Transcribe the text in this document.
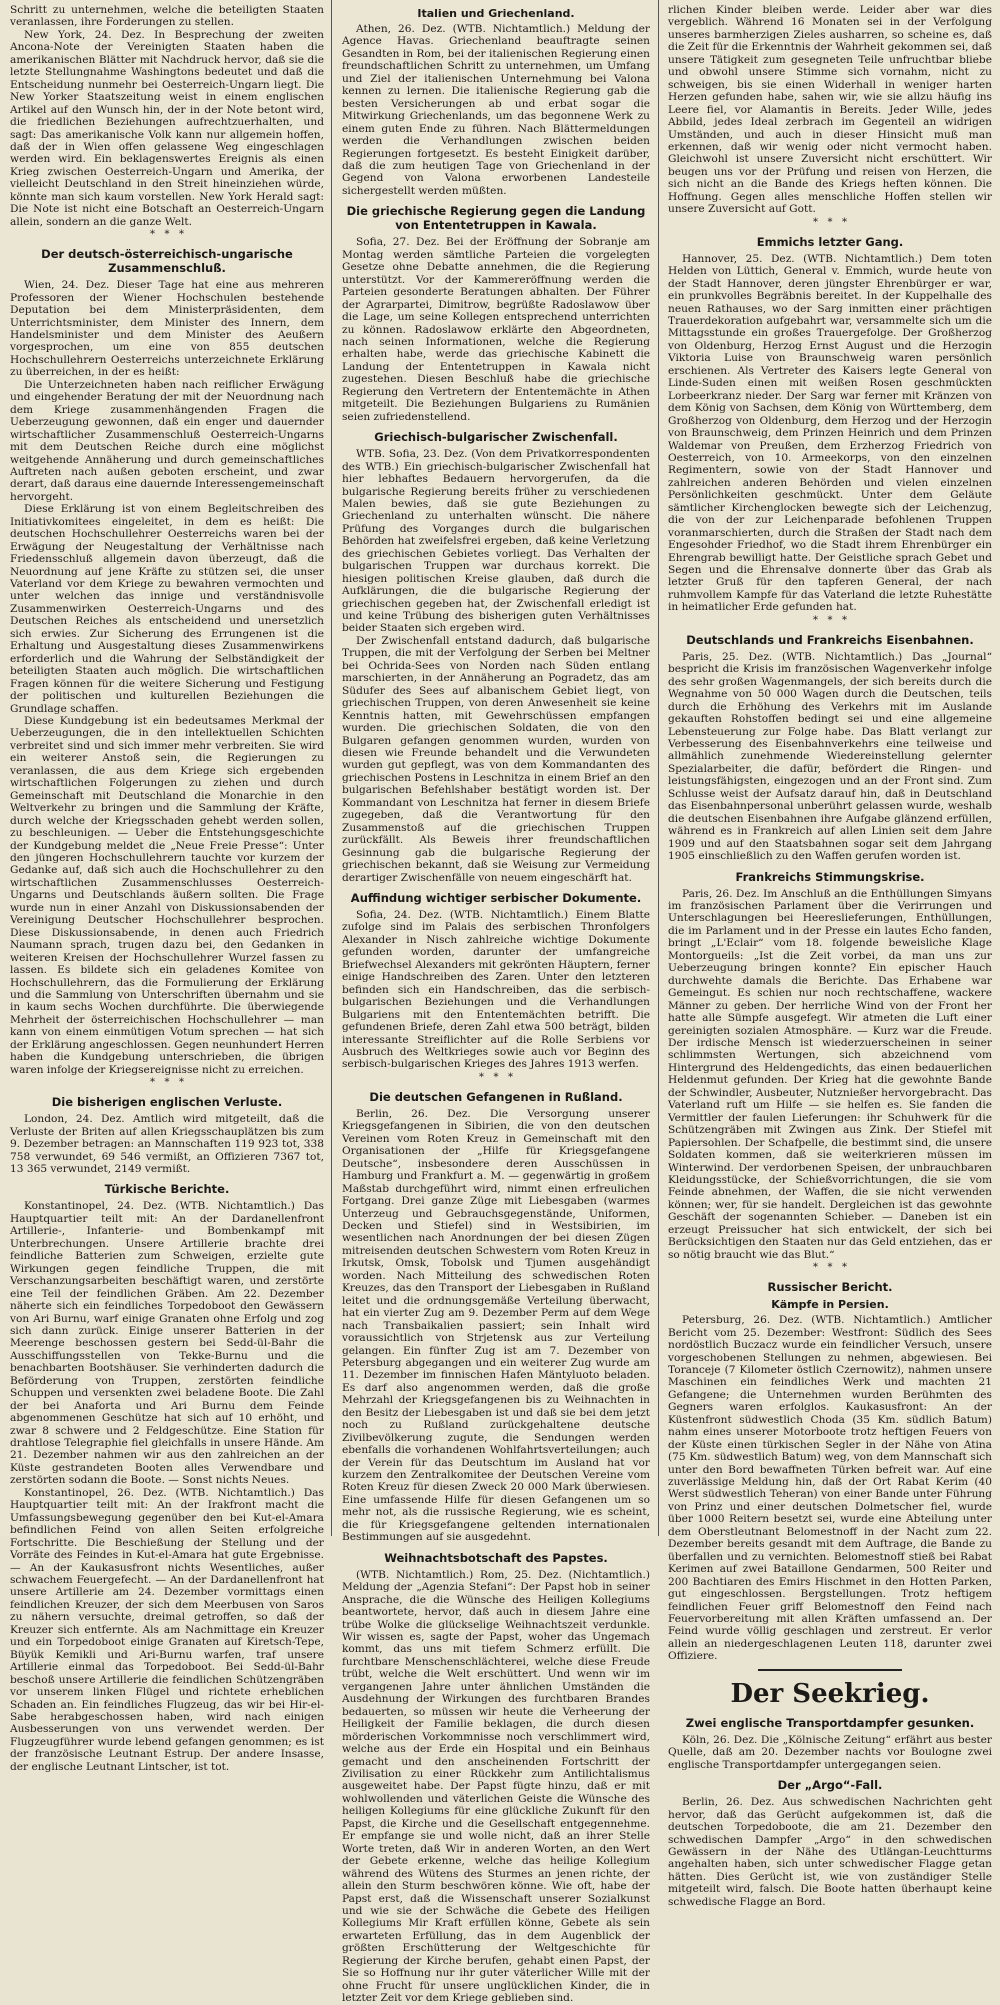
Schritt zu unternehmen, welche die beteiligten Staaten veranlassen, ihre Forderungen zu stellen.

New York, 24. Dez. In Besprechung der zweiten Ancona-Note der Vereinigten Staaten haben die amerikanischen Blätter mit Nachdruck hervor, daß sie die letzte Stellungnahme Washingtons bedeutet und daß die Entscheidung nunmehr bei Oesterreich-Ungarn liegt. Die New Yorker Staatszeitung weist in einem englischen Artikel auf den Wunsch hin, der in der Note betont wird, die friedlichen Beziehungen aufrechtzuerhalten, und sagt: Das amerikanische Volk kann nur allgemein hoffen, daß der in Wien offen gelassene Weg eingeschlagen werden wird. Ein beklagenswertes Ereignis als einen Krieg zwischen Oesterreich-Ungarn und Amerika, der vielleicht Deutschland in den Streit hineinziehen würde, könnte man sich kaum vorstellen. New York Herald sagt: Die Note ist nicht eine Botschaft an Oesterreich-Ungarn allein, sondern an die ganze Welt.

*   *   *
Der deutsch-österreichisch-ungarische Zusammenschluß.

Wien, 24. Dez. Dieser Tage hat eine aus mehreren Professoren der Wiener Hochschulen bestehende Deputation bei dem Ministerpräsidenten, dem Unterrichtsminister, dem Minister des Innern, dem Handelsminister und dem Minister des Aeußern vorgesprochen, um eine von 855 deutschen Hochschullehrern Oesterreichs unterzeichnete Erklärung zu überreichen, in der es heißt:

Die Unterzeichneten haben nach reiflicher Erwägung und eingehender Beratung der mit der Neuordnung nach dem Kriege zusammenhängenden Fragen die Ueberzeugung gewonnen, daß ein enger und dauernder wirtschaftlicher Zusammenschluß Oesterreich-Ungarns mit dem Deutschen Reiche durch eine möglichst weitgehende Annäherung und durch gemeinschaftliches Auftreten nach außen geboten erscheint, und zwar derart, daß daraus eine dauernde Interessengemeinschaft hervorgeht.

Diese Erklärung ist von einem Begleitschreiben des Initiativkomitees eingeleitet, in dem es heißt: Die deutschen Hochschullehrer Oesterreichs waren bei der Erwägung der Neugestaltung der Verhältnisse nach Friedensschluß allgemein davon überzeugt, daß die Neuordnung auf jene Kräfte zu stützen sei, die unser Vaterland vor dem Kriege zu bewahren vermochten und unter welchen das innige und verständnisvolle Zusammenwirken Oesterreich-Ungarns und des Deutschen Reiches als entscheidend und unersetzlich sich erwies. Zur Sicherung des Errungenen ist die Erhaltung und Ausgestaltung dieses Zusammenwirkens erforderlich und die Wahrung der Selbständigkeit der beteiligten Staaten auch möglich. Die wirtschaftlichen Fragen können für die weitere Sicherung und Festigung der politischen und kulturellen Beziehungen die Grundlage schaffen.

Diese Kundgebung ist ein bedeutsames Merkmal der Ueberzeugungen, die in den intellektuellen Schichten verbreitet sind und sich immer mehr verbreiten. Sie wird ein weiterer Anstoß sein, die Regierungen zu veranlassen, die aus dem Kriege sich ergebenden wirtschaftlichen Folgerungen zu ziehen und durch Gemeinschaft mit Deutschland die Monarchie in den Weltverkehr zu bringen und die Sammlung der Kräfte, durch welche der Kriegsschaden gehebt werden sollen, zu beschleunigen. — Ueber die Entstehungsgeschichte der Kundgebung meldet die „Neue Freie Presse“: Unter den jüngeren Hochschullehrern tauchte vor kurzem der Gedanke auf, daß sich auch die Hochschullehrer zu den wirtschaftlichen Zusammenschlusses Oesterreich-Ungarns und Deutschlands äußern sollten. Die Frage wurde nun in einer Anzahl von Diskussionsabenden der Vereinigung Deutscher Hochschullehrer besprochen. Diese Diskussionsabende, in denen auch Friedrich Naumann sprach, trugen dazu bei, den Gedanken in weiteren Kreisen der Hochschullehrer Wurzel fassen zu lassen. Es bildete sich ein geladenes Komitee von Hochschullehrern, das die Formulierung der Erklärung und die Sammlung von Unterschriften übernahm und sie in kaum sechs Wochen durchführte. Die überwiegende Mehrheit der österreichischen Hochschullehrer — man kann von einem einmütigen Votum sprechen — hat sich der Erklärung angeschlossen. Gegen neunhundert Herren haben die Kundgebung unterschrieben, die übrigen waren infolge der Kriegsereignisse nicht zu erreichen.

*   *   *
Die bisherigen englischen Verluste.

London, 24. Dez. Amtlich wird mitgeteilt, daß die Verluste der Briten auf allen Kriegsschauplätzen bis zum 9. Dezember betragen: an Mannschaften 119 923 tot, 338 758 verwundet, 69 546 vermißt, an Offizieren 7367 tot, 13 365 verwundet, 2149 vermißt.

Türkische Berichte.

Konstantinopel, 24. Dez. (WTB. Nichtamtlich.) Das Hauptquartier teilt mit: An der Dardanellenfront Artillerie-, Infanterie- und Bombenkampf mit Unterbrechungen. Unsere Artillerie brachte drei feindliche Batterien zum Schweigen, erzielte gute Wirkungen gegen feindliche Truppen, die mit Verschanzungsarbeiten beschäftigt waren, und zerstörte eine Teil der feindlichen Gräben. Am 22. Dezember näherte sich ein feindliches Torpedoboot den Gewässern von Ari Burnu, warf einige Granaten ohne Erfolg und zog sich dann zurück. Einige unserer Batterien in der Meerenge beschossen gestern bei Sedd-ül-Bahr die Ausschiffungsstellen von Tekke-Burnu und die benachbarten Bootshäuser. Sie verhinderten dadurch die Beförderung von Truppen, zerstörten feindliche Schuppen und versenkten zwei beladene Boote. Die Zahl der bei Anaforta und Ari Burnu dem Feinde abgenommenen Geschütze hat sich auf 10 erhöht, und zwar 8 schwere und 2 Feldgeschütze. Eine Station für drahtlose Telegraphie fiel gleichfalls in unsere Hände. Am 21. Dezember nahmen wir aus den zahlreichen an der Küste gestrandeten Booten alles Verwendbare und zerstörten sodann die Boote. — Sonst nichts Neues.

Konstantinopel, 26. Dez. (WTB. Nichtamtlich.) Das Hauptquartier teilt mit: An der Irakfront macht die Umfassungsbewegung gegenüber den bei Kut-el-Amara befindlichen Feind von allen Seiten erfolgreiche Fortschritte. Die Beschießung der Stellung und der Vorräte des Feindes in Kut-el-Amara hat gute Ergebnisse. — An der Kaukasusfront nichts Wesentliches, außer schwachem Feuergefecht. — An der Dardanellenfront hat unsere Artillerie am 24. Dezember vormittags einen feindlichen Kreuzer, der sich dem Meerbusen von Saros zu nähern versuchte, dreimal getroffen, so daß der Kreuzer sich entfernte. Als am Nachmittage ein Kreuzer und ein Torpedoboot einige Granaten auf Kiretsch-Tepe, Büyük Kemikli und Ari-Burnu warfen, traf unsere Artillerie einmal das Torpedoboot. Bei Sedd-ül-Bahr beschoß unsere Artillerie die feindlichen Schützengräben vor unserem linken Flügel und richtete erheblichen Schaden an. Ein feindliches Flugzeug, das wir bei Hir-el-Sabe herabgeschossen haben, wird nach einigen Ausbesserungen von uns verwendet werden. Der Flugzeugführer wurde lebend gefangen genommen; es ist der französische Leutnant Estrup. Der andere Insasse, der englische Leutnant Lintscher, ist tot.

Italien und Griechenland.

Athen, 26. Dez. (WTB. Nichtamtlich.) Meldung der Agence Havas. Griechenland beauftragte seinen Gesandten in Rom, bei der italienischen Regierung einen freundschaftlichen Schritt zu unternehmen, um Umfang und Ziel der italienischen Unternehmung bei Valona kennen zu lernen. Die italienische Regierung gab die besten Versicherungen ab und erbat sogar die Mitwirkung Griechenlands, um das begonnene Werk zu einem guten Ende zu führen. Nach Blättermeldungen werden die Verhandlungen zwischen beiden Regierungen fortgesetzt. Es besteht Einigkeit darüber, daß die zum heutigen Tage von Griechenland in der Gegend von Valona erworbenen Landesteile sichergestellt werden müßten.

Die griechische Regierung gegen die Landung von Ententetruppen in Kawala.

Sofia, 27. Dez. Bei der Eröffnung der Sobranje am Montag werden sämtliche Parteien die vorgelegten Gesetze ohne Debatte annehmen, die die Regierung unterstützt. Vor der Kammereröffnung werden die Parteien gesonderte Beratungen abhalten. Der Führer der Agrarpartei, Dimitrow, begrüßte Radoslawow über die Lage, um seine Kollegen entsprechend unterrichten zu können. Radoslawow erklärte den Abgeordneten, nach seinen Informationen, welche die Regierung erhalten habe, werde das griechische Kabinett die Landung der Ententetruppen in Kawala nicht zugestehen. Diesen Beschluß habe die griechische Regierung den Vertretern der Ententemächte in Athen mitgeteilt. Die Beziehungen Bulgariens zu Rumänien seien zufriedenstellend.

Griechisch-bulgarischer Zwischenfall.

WTB. Sofia, 23. Dez. (Von dem Privatkorrespondenten des WTB.) Ein griechisch-bulgarischer Zwischenfall hat hier lebhaftes Bedauern hervorgerufen, da die bulgarische Regierung bereits früher zu verschiedenen Malen bewies, daß sie gute Beziehungen zu Griechenland zu unterhalten wünscht. Die nähere Prüfung des Vorganges durch die bulgarischen Behörden hat zweifelsfrei ergeben, daß keine Verletzung des griechischen Gebietes vorliegt. Das Verhalten der bulgarischen Truppen war durchaus korrekt. Die hiesigen politischen Kreise glauben, daß durch die Aufklärungen, die die bulgarische Regierung der griechischen gegeben hat, der Zwischenfall erledigt ist und keine Trübung des bisherigen guten Verhältnisses beider Staaten sich ergeben wird.

Der Zwischenfall entstand dadurch, daß bulgarische Truppen, die mit der Verfolgung der Serben bei Meltner bei Ochrida-Sees von Norden nach Süden entlang marschierten, in der Annäherung an Pogradetz, das am Südufer des Sees auf albanischem Gebiet liegt, von griechischen Truppen, von deren Anwesenheit sie keine Kenntnis hatten, mit Gewehrschüssen empfangen wurden. Die griechischen Soldaten, die von den Bulgaren gefangen genommen wurden, wurden von diesen wie Freunde behandelt und die Verwundeten wurden gut gepflegt, was von dem Kommandanten des griechischen Postens in Leschnitza in einem Brief an den bulgarischen Befehlshaber bestätigt worden ist. Der Kommandant von Leschnitza hat ferner in diesem Briefe zugegeben, daß die Verantwortung für den Zusammenstoß auf die griechischen Truppen zurückfällt. Als Beweis ihrer freundschaftlichen Gesinnung gab die bulgarische Regierung der griechischen bekannt, daß sie Weisung zur Vermeidung derartiger Zwischenfälle von neuem eingeschärft hat.

Auffindung wichtiger serbischer Dokumente.

Sofia, 24. Dez. (WTB. Nichtamtlich.) Einem Blatte zufolge sind im Palais des serbischen Thronfolgers Alexander in Nisch zahlreiche wichtige Dokumente gefunden worden, darunter der umfangreiche Briefwechsel Alexanders mit gekrönten Häuptern, ferner einige Handschreiben des Zaren. Unter den letzteren befinden sich ein Handschreiben, das die serbisch-bulgarischen Beziehungen und die Verhandlungen Bulgariens mit den Ententemächten betrifft. Die gefundenen Briefe, deren Zahl etwa 500 beträgt, bilden interessante Streiflichter auf die Rolle Serbiens vor Ausbruch des Weltkrieges sowie auch vor Beginn des serbisch-bulgarischen Krieges des Jahres 1913 werfen.

*   *   *
Die deutschen Gefangenen in Rußland.

Berlin, 26. Dez. Die Versorgung unserer Kriegsgefangenen in Sibirien, die von den deutschen Vereinen vom Roten Kreuz in Gemeinschaft mit den Organisationen der „Hilfe für Kriegsgefangene Deutsche“, insbesondere deren Ausschüssen in Hamburg und Frankfurt a. M. — gegenwärtig in großem Maßstab durchgeführt wird, nimmt einen erfreulichen Fortgang. Drei ganze Züge mit Liebesgaben (warmes Unterzeug und Gebrauchsgegenstände, Uniformen, Decken und Stiefel) sind in Westsibirien, im wesentlichen nach Anordnungen der bei diesen Zügen mitreisenden deutschen Schwestern vom Roten Kreuz in Irkutsk, Omsk, Tobolsk und Tjumen ausgehändigt worden. Nach Mitteilung des schwedischen Roten Kreuzes, das den Transport der Liebesgaben in Rußland leitet und die ordnungsgemäße Verteilung überwacht, hat ein vierter Zug am 9. Dezember Perm auf dem Wege nach Transbaikalien passiert; sein Inhalt wird voraussichtlich von Strjetensk aus zur Verteilung gelangen. Ein fünfter Zug ist am 7. Dezember von Petersburg abgegangen und ein weiterer Zug wurde am 11. Dezember im finnischen Hafen Mäntyluoto beladen. Es darf also angenommen werden, daß die große Mehrzahl der Kriegsgefangenen bis zu Weihnachten in den Besitz der Liebesgaben ist und daß sie bei dem jetzt noch zu Rußland zurückgehaltene deutsche Zivilbevölkerung zugute, die Sendungen werden ebenfalls die vorhandenen Wohlfahrtsverteilungen; auch der Verein für das Deutschtum im Ausland hat vor kurzem den Zentralkomitee der Deutschen Vereine vom Roten Kreuz für diesen Zweck 20 000 Mark überwiesen. Eine umfassende Hilfe für diesen Gefangenen um so mehr not, als die russische Regierung, wie es scheint, die für Kriegsgefangene geltenden internationalen Bestimmungen auf sie ausgedehnt.

Weihnachtsbotschaft des Papstes.

(WTB. Nichtamtlich.) Rom, 25. Dez. (Nichtamtlich.) Meldung der „Agenzia Stefani“: Der Papst hob in seiner Ansprache, die die Wünsche des Heiligen Kollegiums beantwortete, hervor, daß auch in diesem Jahre eine trübe Wolke die glückselige Weihnachtszeit verdunkle. Wir wissen es, sagte der Papst, woher das Ungemach kommt, das uns mit tiefem Schmerz erfüllt. Die furchtbare Menschenschlächterei, welche diese Freude trübt, welche die Welt erschüttert. Und wenn wir im vergangenen Jahre unter ähnlichen Umständen die Ausdehnung der Wirkungen des furchtbaren Brandes bedauerten, so müssen wir heute die Verheerung der Heiligkeit der Familie beklagen, die durch diesen mörderischen Vorkommnisse noch verschlimmert wird, welche aus der Erde ein Hospital und ein Beinhaus gemacht und den anscheinenden Fortschritt der Zivilisation zu einer Rückkehr zum Antilichtalismus ausgeweitet habe. Der Papst fügte hinzu, daß er mit wohlwollenden und väterlichen Geiste die Wünsche des heiligen Kollegiums für eine glückliche Zukunft für den Papst, die Kirche und die Gesellschaft entgegennehme. Er empfange sie und wolle nicht, daß an ihrer Stelle Worte treten, daß Wir in anderen Worten, an den Wert der Gebete erkenne, welche das heilige Kollegium während des Wütens des Sturmes an jenen richte, der allein den Sturm beschwören könne. Wie oft, habe der Papst erst, daß die Wissenschaft unserer Sozialkunst und wie sie der Schwäche die Gebete des Heiligen Kollegiums Mir Kraft erfüllen könne, Gebete als sein erwarteten Erfüllung, das in dem Augenblick der größten Erschütterung der Weltgeschichte für Regierung der Kirche berufen, gehabt einen Papst, der Sie so Hoffnung nur ihr guter väterlicher Wille mit der ohne Frucht für unsere unglücklichen Kinder, die in letzter Zeit vor dem Kriege geblieben sind.

rlichen Kinder bleiben werde. Leider aber war dies vergeblich. Während 16 Monaten sei in der Verfolgung unseres barmherzigen Zieles ausharren, so scheine es, daß die Zeit für die Erkenntnis der Wahrheit gekommen sei, daß unsere Tätigkeit zum gesegneten Teile unfruchtbar bliebe und obwohl unsere Stimme sich vornahm, nicht zu schweigen, bis sie einen Widerhall in weniger harten Herzen gefunden habe, sahen wir, wie sie allzu häufig ins Leere fiel, vor Alamantis in Bereits. Jeder Wille, jedes Abbild, jedes Ideal zerbrach im Gegenteil an widrigen Umständen, und auch in dieser Hinsicht muß man erkennen, daß wir wenig oder nicht vermocht haben. Gleichwohl ist unsere Zuversicht nicht erschüttert. Wir beugen uns vor der Prüfung und reisen von Herzen, die sich nicht an die Bande des Kriegs heften können. Die Hoffnung. Gegen alles menschliche Hoffen stellen wir unsere Zuversicht auf Gott.

*   *   *
Emmichs letzter Gang.

Hannover, 25. Dez. (WTB. Nichtamtlich.) Dem toten Helden von Lüttich, General v. Emmich, wurde heute von der Stadt Hannover, deren jüngster Ehrenbürger er war, ein prunkvolles Begräbnis bereitet. In der Kuppelhalle des neuen Rathauses, wo der Sarg inmitten einer prächtigen Trauerdekoration aufgebahrt war, versammelte sich um die Mittagsstunde ein großes Trauergefolge. Der Großherzog von Oldenburg, Herzog Ernst August und die Herzogin Viktoria Luise von Braunschweig waren persönlich erschienen. Als Vertreter des Kaisers legte General von Linde-Suden einen mit weißen Rosen geschmückten Lorbeerkranz nieder. Der Sarg war ferner mit Kränzen von dem König von Sachsen, dem König von Württemberg, dem Großherzog von Oldenburg, dem Herzog und der Herzogin von Braunschweig, dem Prinzen Heinrich und dem Prinzen Waldemar von Preußen, dem Erzherzog Friedrich von Oesterreich, von 10. Armeekorps, von den einzelnen Regimentern, sowie von der Stadt Hannover und zahlreichen anderen Behörden und vielen einzelnen Persönlichkeiten geschmückt. Unter dem Geläute sämtlicher Kirchenglocken bewegte sich der Leichenzug, die von der zur Leichenparade befohlenen Truppen voranmarschierten, durch die Straßen der Stadt nach dem Engesohder Friedhof, wo die Stadt ihrem Ehrenbürger ein Ehrengrab bewilligt hatte. Der Geistliche sprach Gebet und Segen und die Ehrensalve donnerte über das Grab als letzter Gruß für den tapferen General, der nach ruhmvollem Kampfe für das Vaterland die letzte Ruhestätte in heimatlicher Erde gefunden hat.

*   *   *
Deutschlands und Frankreichs Eisenbahnen.

Paris, 25. Dez. (WTB. Nichtamtlich.) Das „Journal“ bespricht die Krisis im französischen Wagenverkehr infolge des sehr großen Wagenmangels, der sich bereits durch die Wegnahme von 50 000 Wagen durch die Deutschen, teils durch die Erhöhung des Verkehrs mit im Auslande gekauften Rohstoffen bedingt sei und eine allgemeine Lebensteuerung zur Folge habe. Das Blatt verlangt zur Verbesserung des Eisenbahnverkehrs eine teilweise und allmählich zunehmende Wiedereinstellung gelernter Spezialarbeiter, die dafür, befördert die Ringen- und leistungsfähigsten, eingezogen und an der Front sind. Zum Schlusse weist der Aufsatz darauf hin, daß in Deutschland das Eisenbahnpersonal unberührt gelassen wurde, weshalb die deutschen Eisenbahnen ihre Aufgabe glänzend erfüllen, während es in Frankreich auf allen Linien seit dem Jahre 1909 und auf den Staatsbahnen sogar seit dem Jahrgang 1905 einschließlich zu den Waffen gerufen worden ist.

Frankreichs Stimmungskrise.

Paris, 26. Dez. Im Anschluß an die Enthüllungen Simyans im französischen Parlament über die Verirrungen und Unterschlagungen bei Heereslieferungen, Enthüllungen, die im Parlament und in der Presse ein lautes Echo fanden, bringt „L'Eclair“ vom 18. folgende beweisliche Klage Montorgueils: „Ist die Zeit vorbei, da man uns zur Ueberzeugung bringen konnte? Ein epischer Hauch durchwehte damals die Berichte. Das Erhabene war Gemeingut. Es schien nur noch rechtschaffene, wackere Männer zu geben. Der herrliche Wind von der Front her hatte alle Sümpfe ausgefegt. Wir atmeten die Luft einer gereinigten sozialen Atmosphäre. — Kurz war die Freude. Der irdische Mensch ist wiederzuerscheinen in seiner schlimmsten Wertungen, sich abzeichnend vom Hintergrund des Heldengedichts, das einen bedauerlichen Heldenmut gefunden. Der Krieg hat die gewohnte Bande der Schwindler, Ausbeuter, Nutznießer hervorgebracht. Das Vaterland ruft um Hilfe — sie helfen es. Sie fanden die Vermittler der faulen Lieferungen: ihr Schuhwerk für die Schützengräben mit Zwingen aus Zink. Der Stiefel mit Papiersohlen. Der Schafpelle, die bestimmt sind, die unsere Soldaten kommen, daß sie weiterkrieren müssen im Winterwind. Der verdorbenen Speisen, der unbrauchbaren Kleidungsstücke, der Schießvorrichtungen, die sie vom Feinde abnehmen, der Waffen, die sie nicht verwenden können; wer, für sie handelt. Dergleichen ist das gewohnte Geschäft der sogenannten Schieber. — Daneben ist ein erzeugt Preissucher hat sich entwickelt, der sich bei Berücksichtigen den Staaten nur das Geld entziehen, das er so nötig braucht wie das Blut.“

*   *   *
Russischer Bericht.
Kämpfe in Persien.

Petersburg, 26. Dez. (WTB. Nichtamtlich.) Amtlicher Bericht vom 25. Dezember: Westfront: Südlich des Sees nordöstlich Buczacz wurde ein feindlicher Versuch, unsere vorgeschobenen Stellungen zu nehmen, abgewiesen. Bei Toranceje (7 Kilometer östlich Czernowitz), nahmen unsere Maschinen ein feindliches Werk und machten 21 Gefangene; die Unternehmen wurden Berühmten des Gegners waren erfolglos. Kaukasusfront: An der Küstenfront südwestlich Choda (35 Km. südlich Batum) nahm eines unserer Motorboote trotz heftigen Feuers von der Küste einen türkischen Segler in der Nähe von Atina (75 Km. südwestlich Batum) weg, von dem Mannschaft sich unter den Bord bewaffneten Türken befreit war. Auf eine zuverlässige Meldung hin, daß der Ort Rabat Kerim (40 Werst südwestlich Teheran) von einer Bande unter Führung von Prinz und einer deutschen Dolmetscher fiel, wurde über 1000 Reitern besetzt sei, wurde eine Abteilung unter dem Oberstleutnant Belomestnoff in der Nacht zum 22. Dezember bereits gesandt mit dem Auftrage, die Bande zu überfallen und zu vernichten. Belomestnoff stieß bei Rabat Kerimen auf zwei Bataillone Gendarmen, 500 Reiter und 200 Bachtiaren des Emirs Hischmet in den Hotten Parken, gut eingeschlossen. Bergstellungen. Trotz heftigem feindlichen Feuer griff Belomestnoff den Feind nach Feuervorbereitung mit allen Kräften umfassend an. Der Feind wurde völlig geschlagen und zerstreut. Er verlor allein an niedergeschlagenen Leuten 118, darunter zwei Offiziere.

Der Seekrieg.
Zwei englische Transportdampfer gesunken.

Köln, 26. Dez. Die „Kölnische Zeitung“ erfährt aus bester Quelle, daß am 20. Dezember nachts vor Boulogne zwei englische Transportdampfer untergegangen seien.

Der „Argo“-Fall.

Berlin, 26. Dez. Aus schwedischen Nachrichten geht hervor, daß das Gerücht aufgekommen ist, daß die deutschen Torpedoboote, die am 21. Dezember den schwedischen Dampfer „Argo“ in den schwedischen Gewässern in der Nähe des Utlängan-Leuchtturms angehalten haben, sich unter schwedischer Flagge getan hätten. Dies Gerücht ist, wie von zuständiger Stelle mitgeteilt wird, falsch. Die Boote hatten überhaupt keine schwedische Flagge an Bord.
